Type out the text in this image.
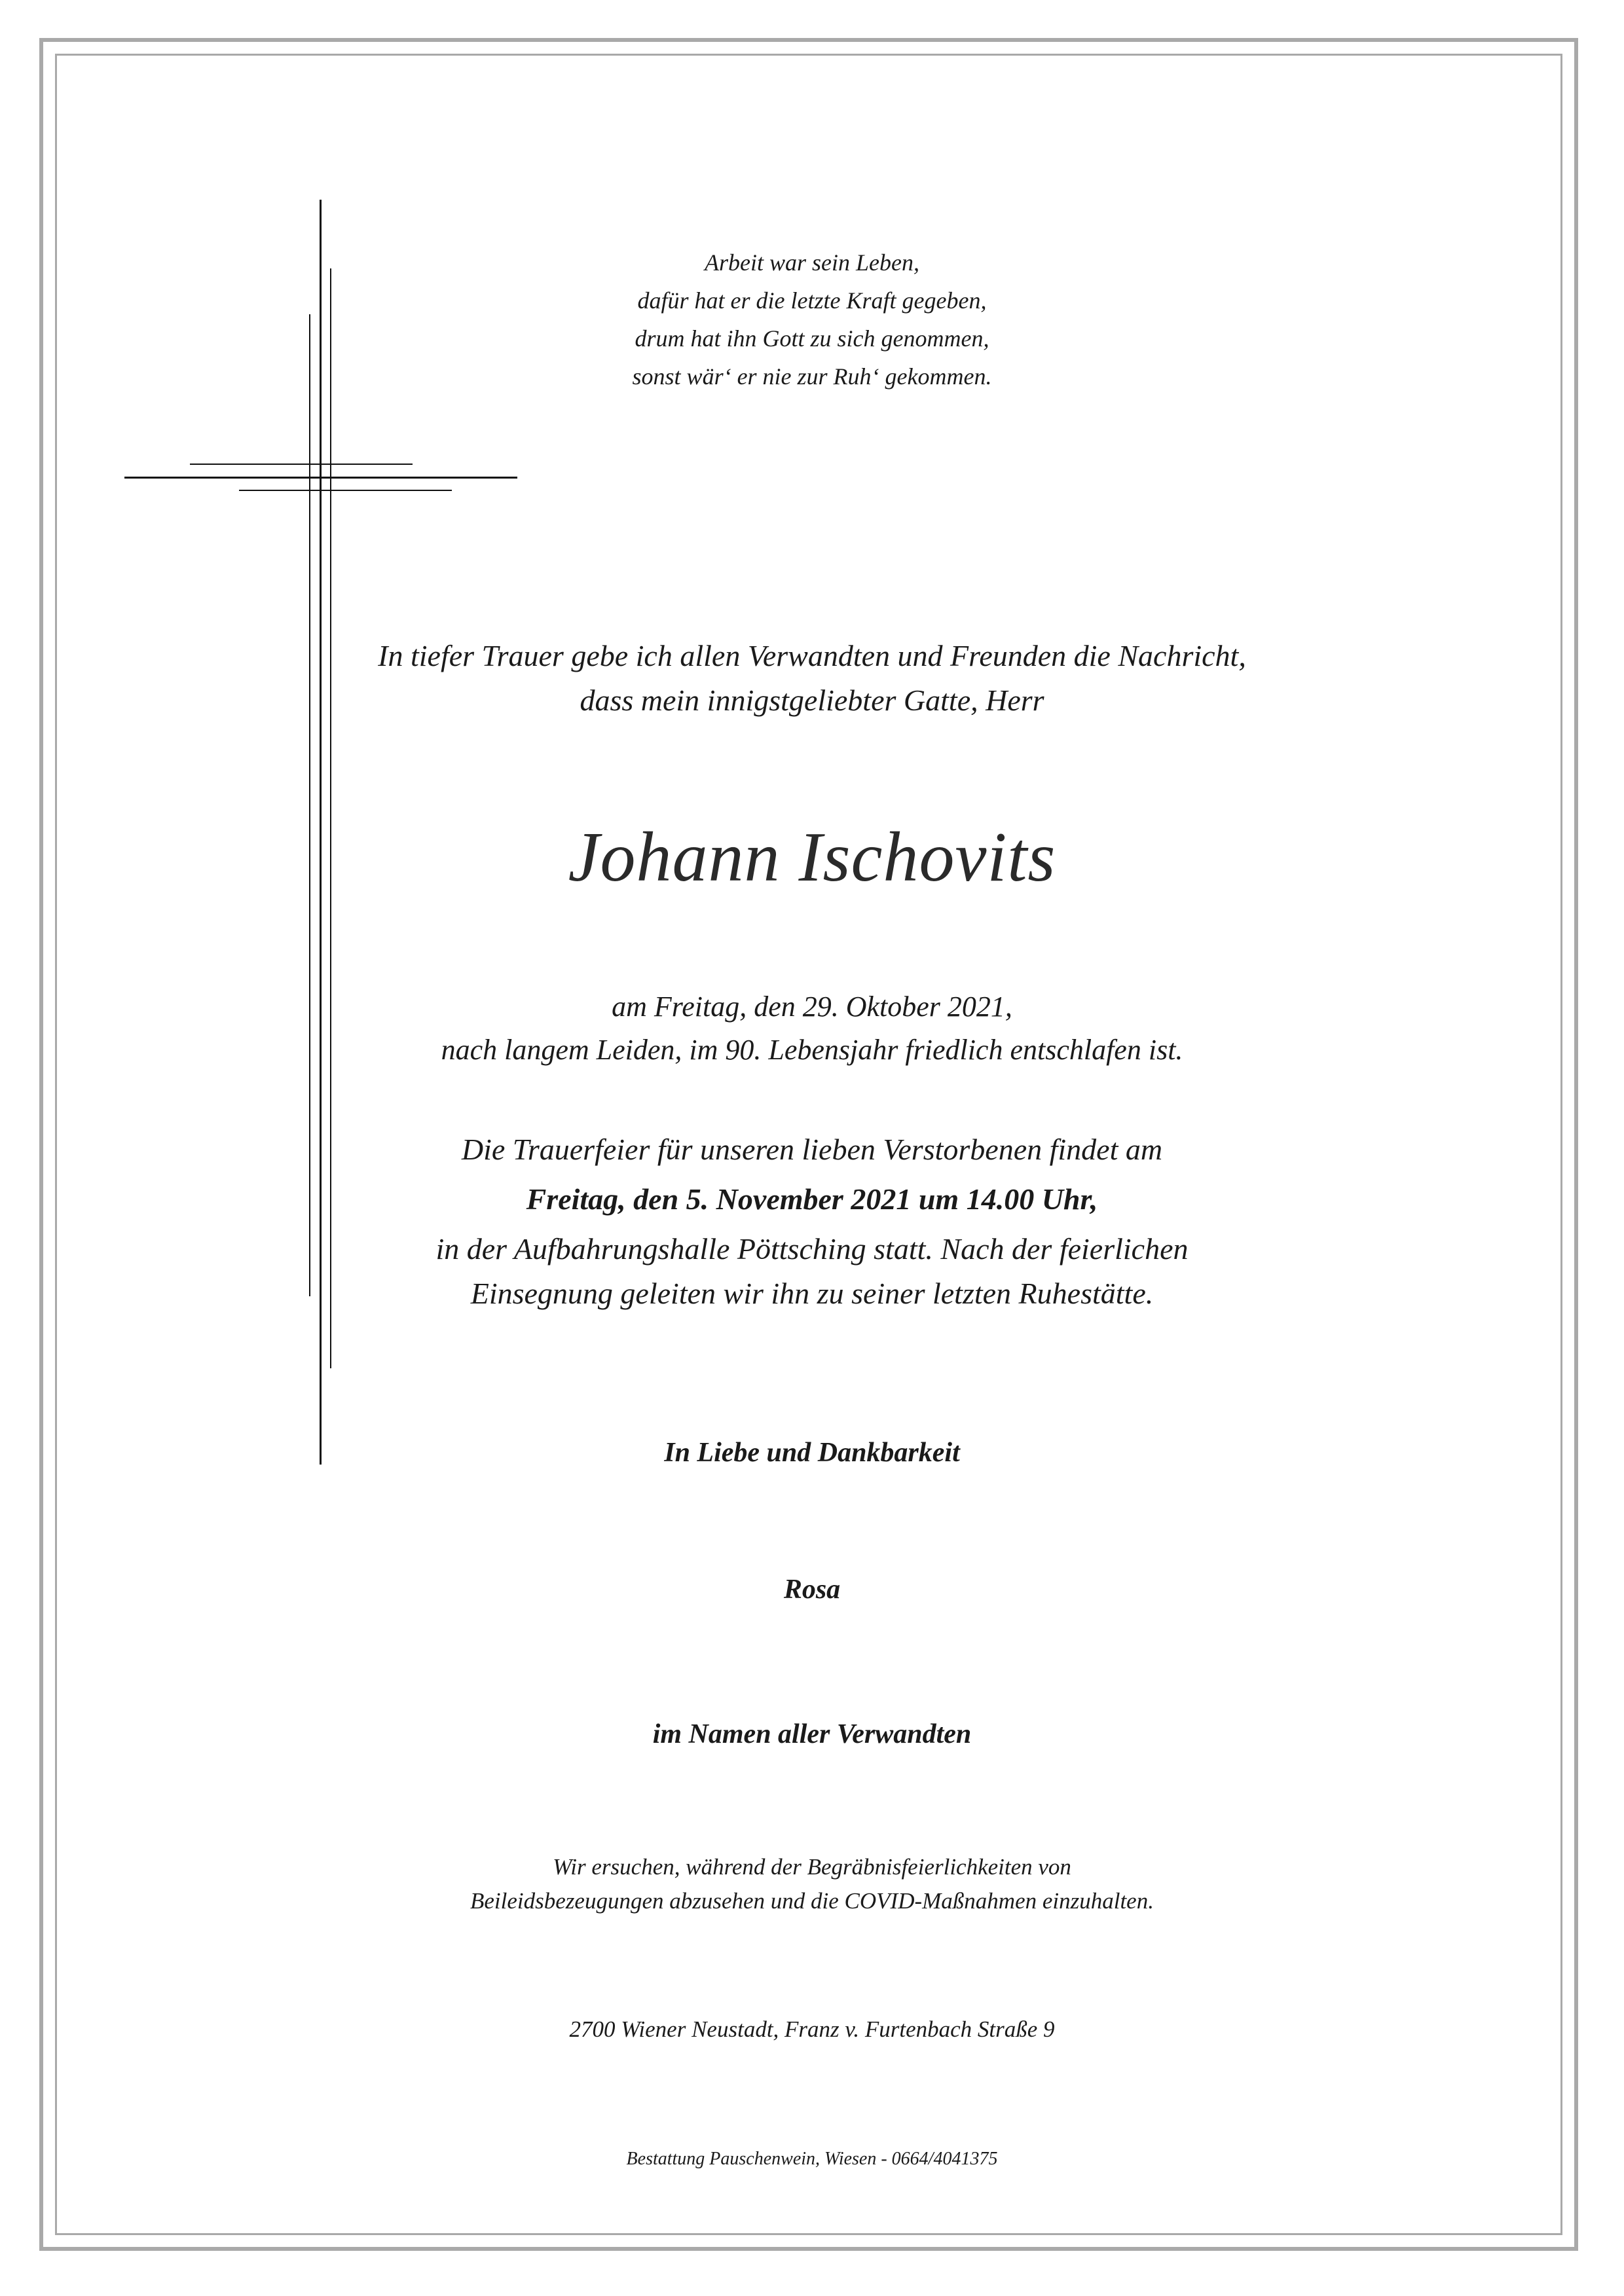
Arbeit war sein Leben,
dafür hat er die letzte Kraft gegeben,
drum hat ihn Gott zu sich genommen,
sonst wär‘ er nie zur Ruh‘ gekommen.
In tiefer Trauer gebe ich allen Verwandten und Freunden die Nachricht,
dass mein innigstgeliebter Gatte, Herr
Johann Ischovits
am Freitag, den 29. Oktober 2021,
nach langem Leiden, im 90. Lebensjahr friedlich entschlafen ist.
Die Trauerfeier für unseren lieben Verstorbenen findet am
Freitag, den 5. November 2021 um 14.00 Uhr,
in der Aufbahrungshalle Pöttsching statt. Nach der feierlichen
Einsegnung geleiten wir ihn zu seiner letzten Ruhestätte.
In Liebe und Dankbarkeit
Rosa
im Namen aller Verwandten
Wir ersuchen, während der Begräbnisfeierlichkeiten von
Beileidsbezeugungen abzusehen und die COVID-Maßnahmen einzuhalten.
2700 Wiener Neustadt, Franz v. Furtenbach Straße 9
Bestattung Pauschenwein, Wiesen - 0664/4041375
